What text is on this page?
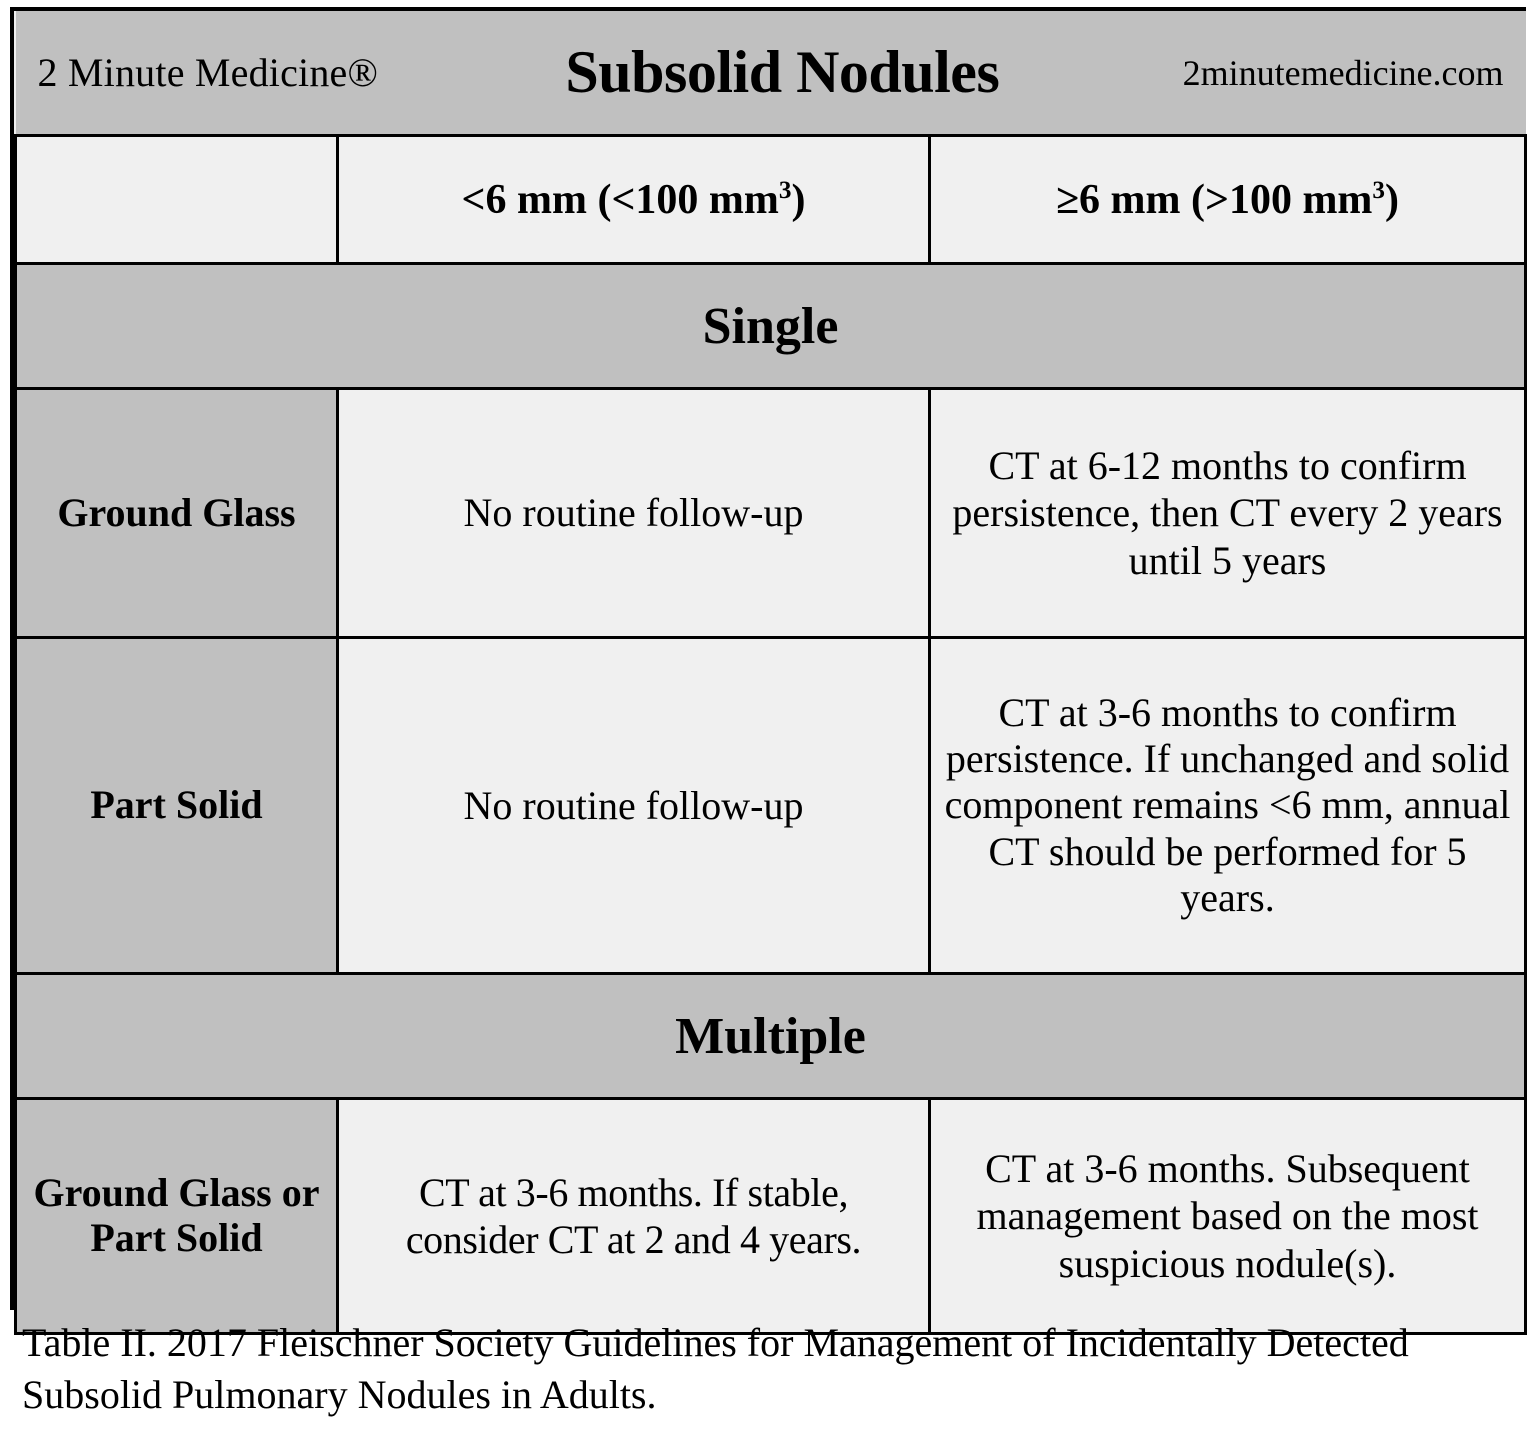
2 Minute Medicine® Subsolid Nodules 2minutemedicine.com		

	<6 mm (<100 $mm^3$)	≥6 mm (>100 $mm^3$)
Single		
Ground Glass	No routine follow-up	CT at 6-12 months to confirm persistence, then CT every 2 years until 5 years
Part Solid	No routine follow-up	CT at 3-6 months to confirm persistence. If unchanged and solid component remains <6 mm, annual CT should be performed for 5 years.
Multiple		
Ground Glass or Part Solid	CT at 3-6 months. If stable, consider CT at 2 and 4 years.	CT at 3-6 months. Subsequent management based on the most suspicious nodule(s).
Table II. 2017 Fleischner Society Guidelines for Management of Incidentally Detected Subsolid Pulmonary Nodules in Adults.
